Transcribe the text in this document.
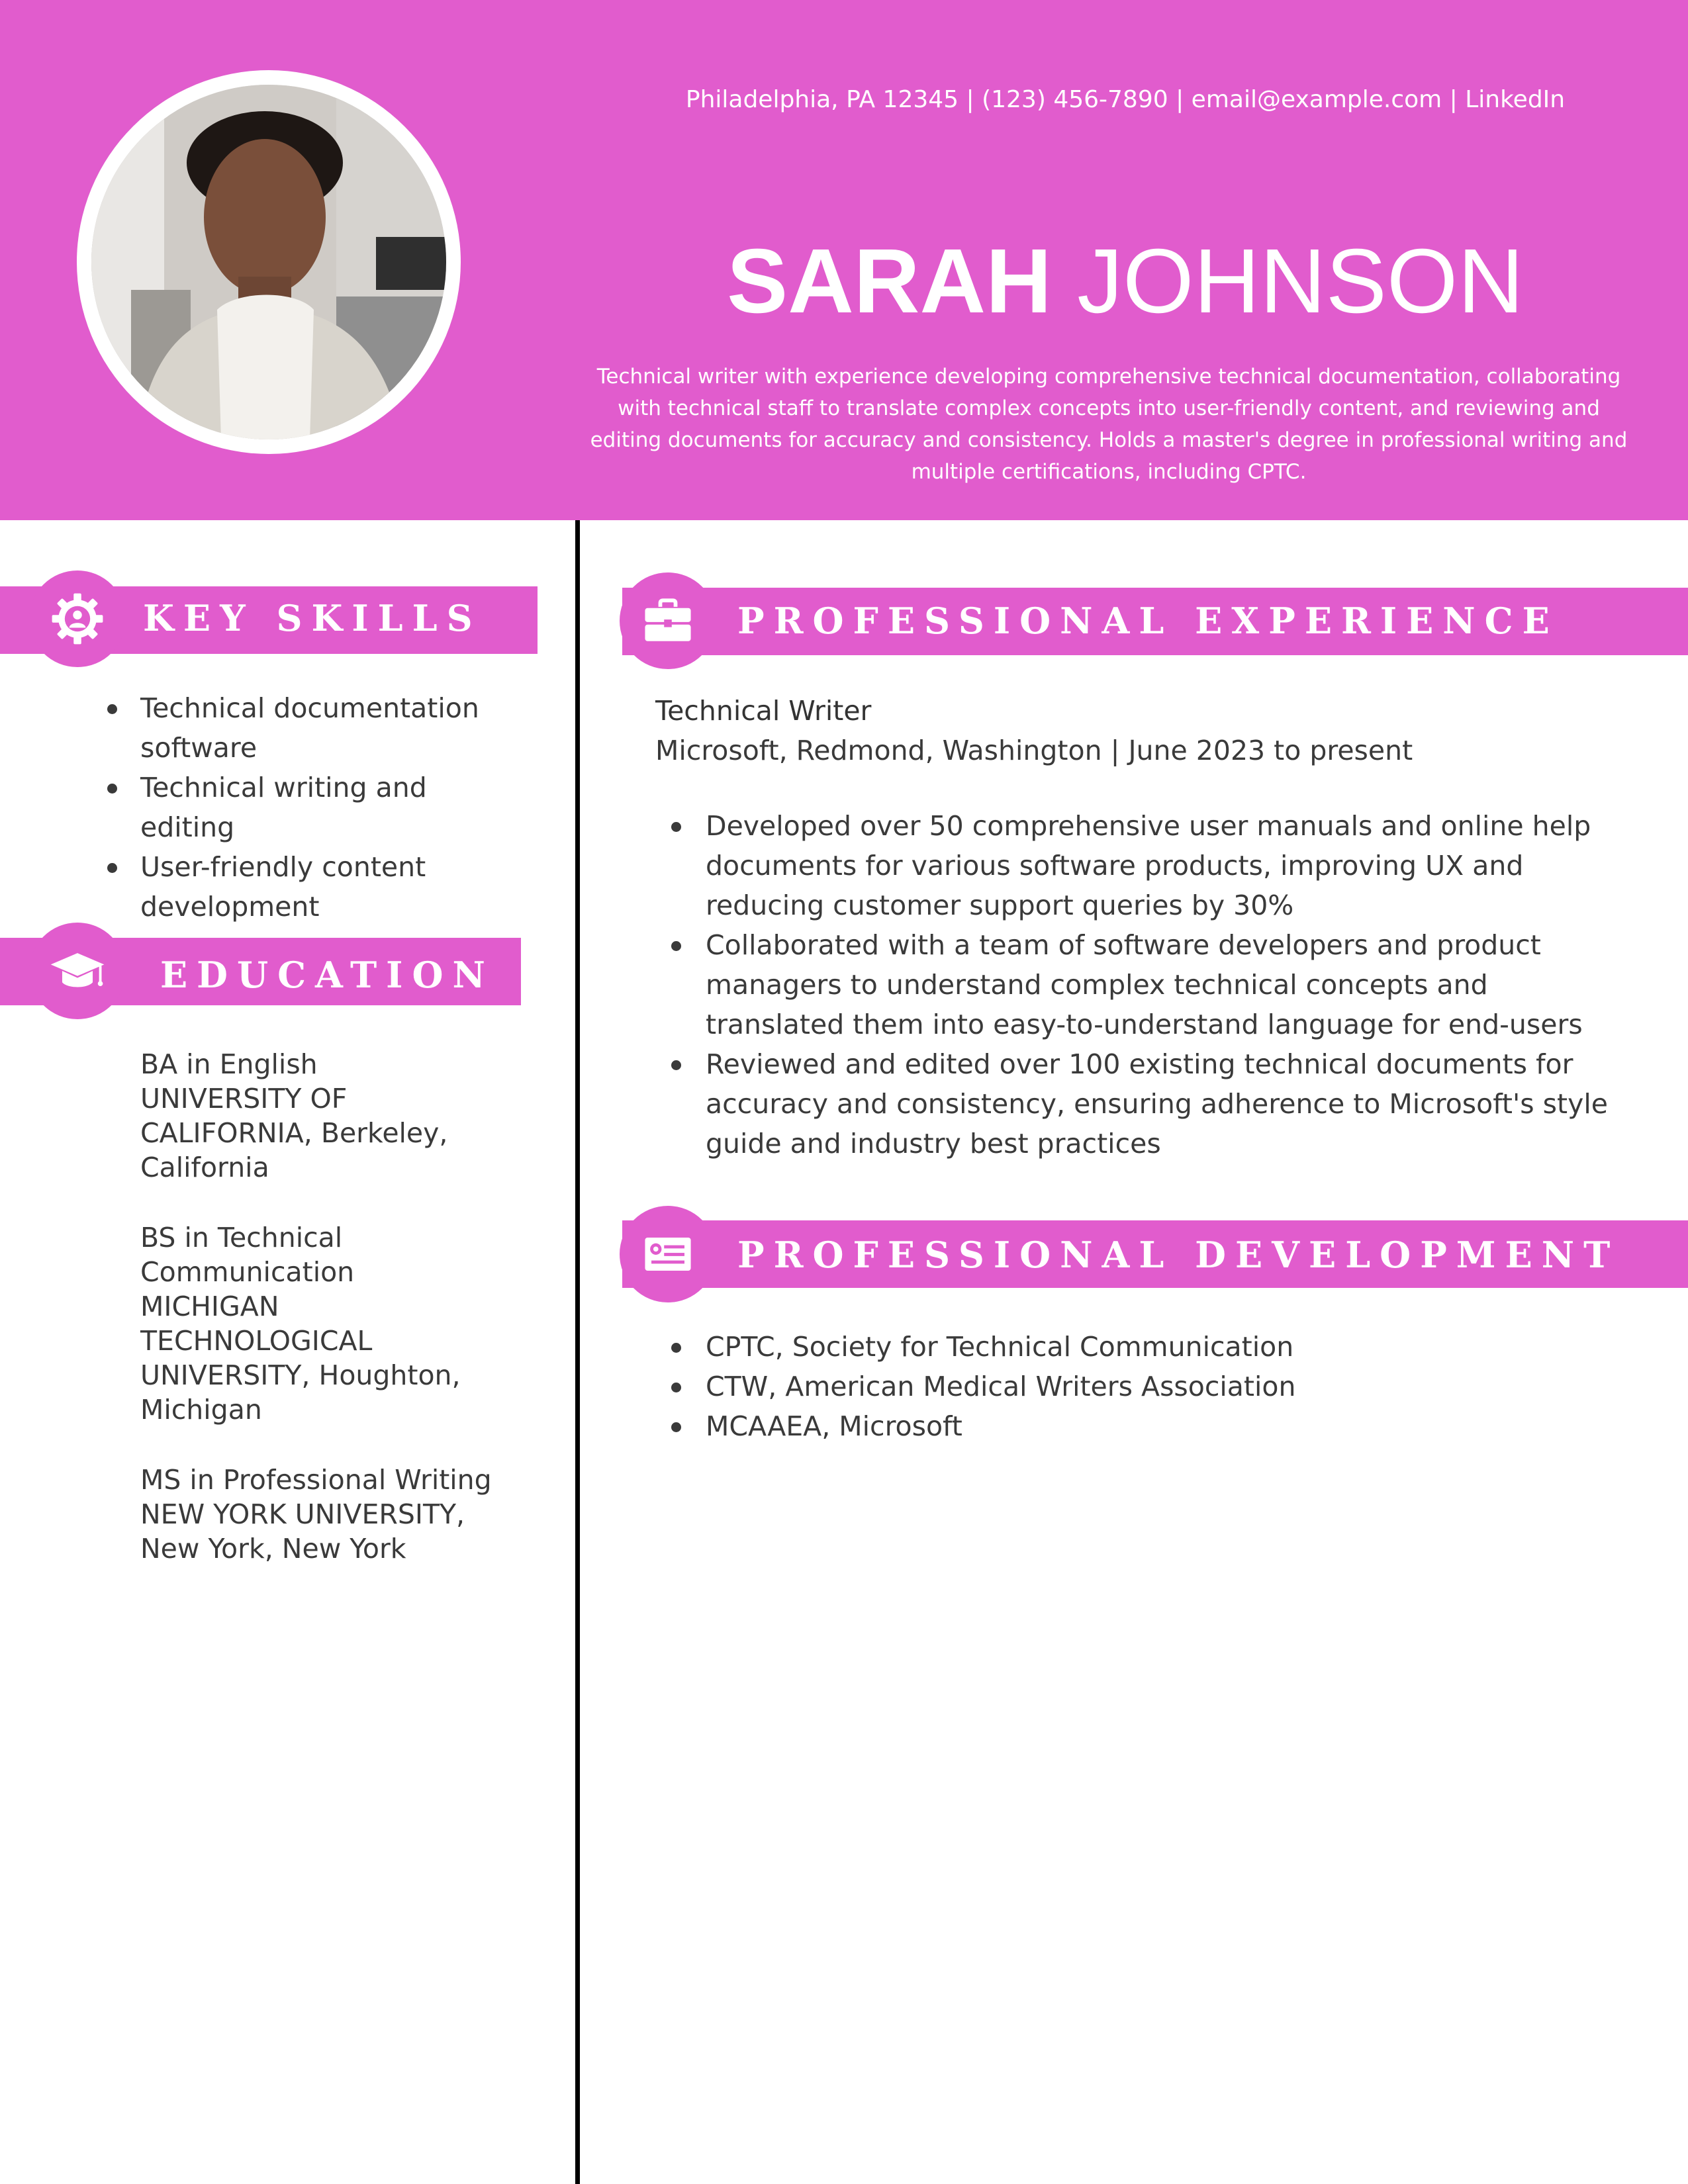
Philadelphia, PA 12345 | (123) 456-7890 | email@example.com | LinkedIn
SARAH JOHNSON
Technical writer with experience developing comprehensive technical documentation, collaborating with technical staff to translate complex concepts into user-friendly content, and reviewing and editing documents for accuracy and consistency. Holds a master's degree in professional writing and multiple certifications, including CPTC.
KEY SKILLS
Technical documentation software
Technical writing and editing
User-friendly content development
EDUCATION
BA in English
UNIVERSITY OF CALIFORNIA, Berkeley, California
BS in Technical Communication
MICHIGAN TECHNOLOGICAL UNIVERSITY, Houghton, Michigan
MS in Professional Writing
NEW YORK UNIVERSITY, New York, New York
PROFESSIONAL EXPERIENCE
Technical Writer
Microsoft, Redmond, Washington | June 2023 to present
Developed over 50 comprehensive user manuals and online help documents for various software products, improving UX and reducing customer support queries by 30%
Collaborated with a team of software developers and product managers to understand complex technical concepts and translated them into easy-to-understand language for end-users
Reviewed and edited over 100 existing technical documents for accuracy and consistency, ensuring adherence to Microsoft's style guide and industry best practices
PROFESSIONAL DEVELOPMENT
CPTC, Society for Technical Communication
CTW, American Medical Writers Association
MCAAEA, Microsoft
